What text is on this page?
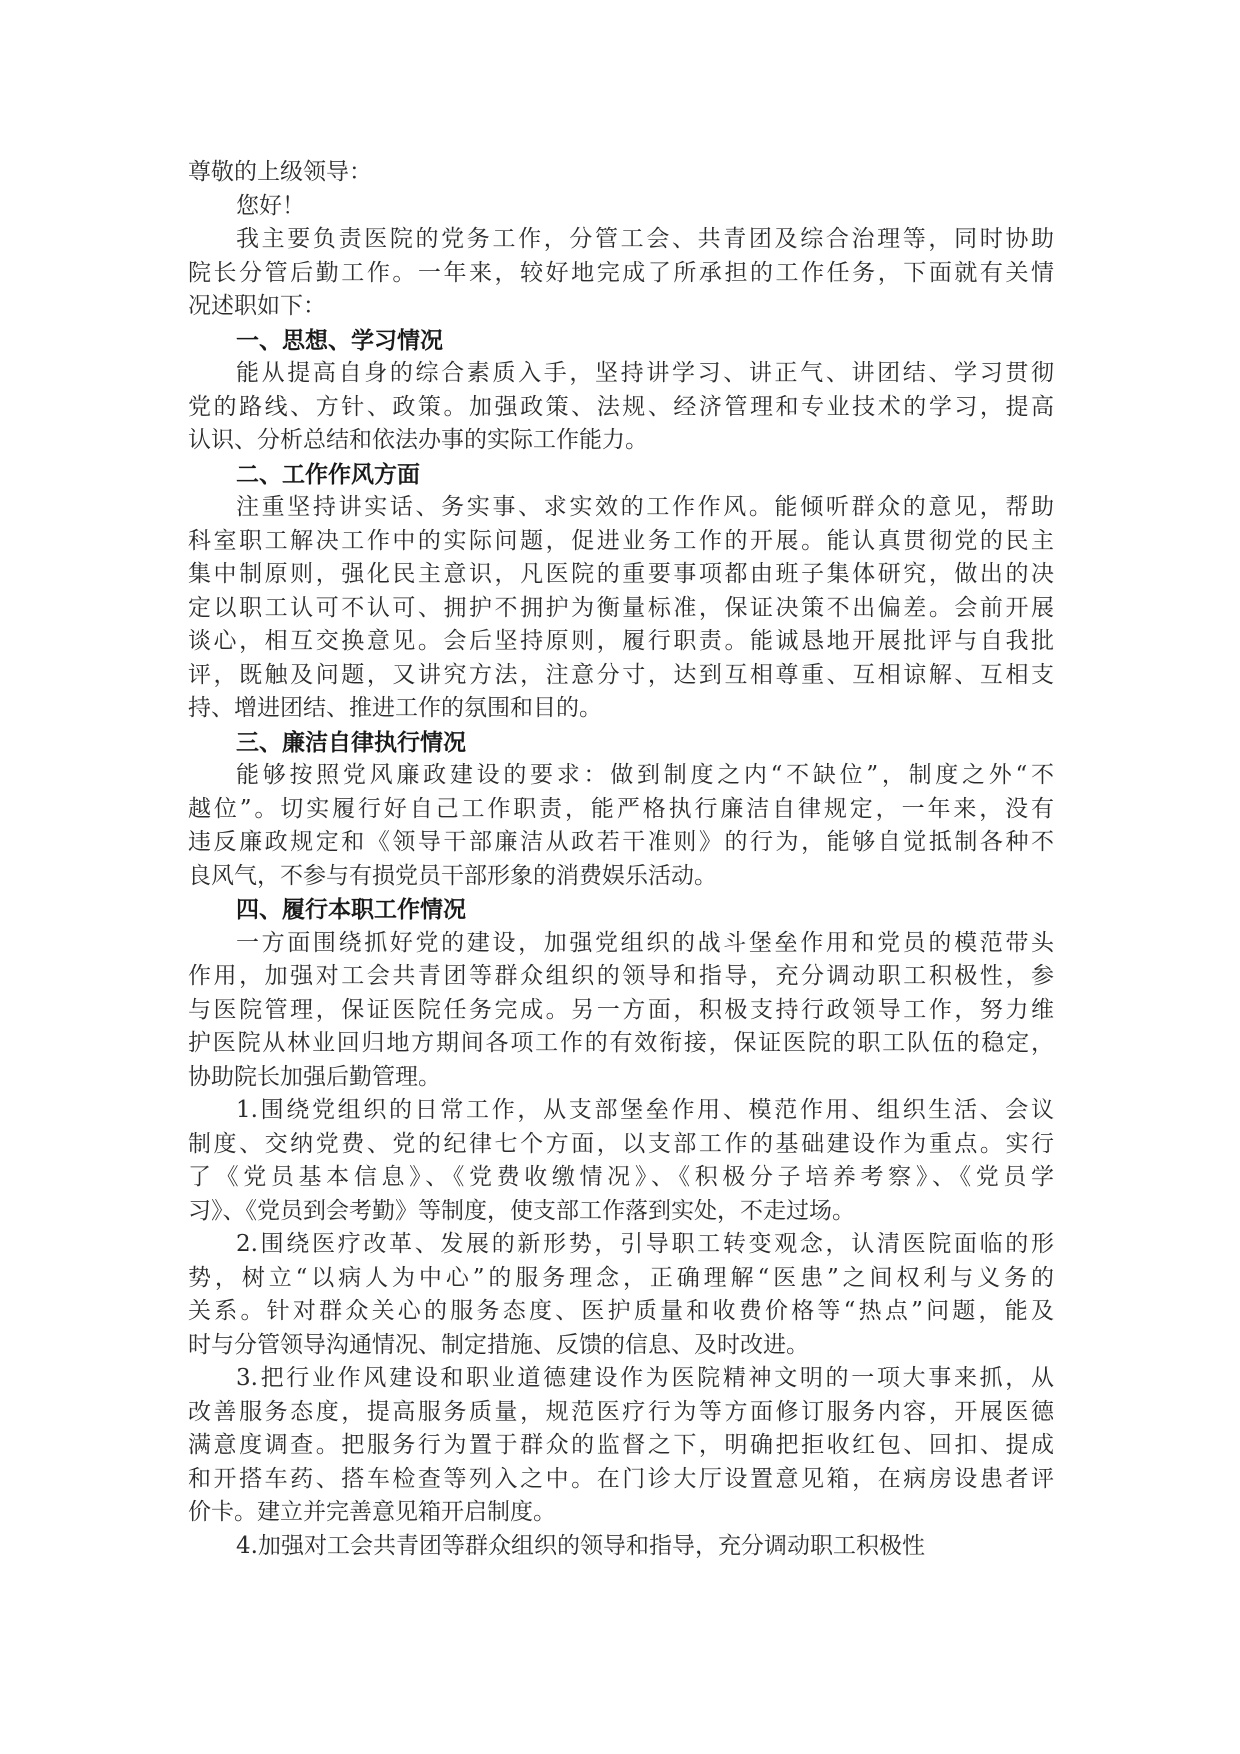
尊敬的上级领导：
您好！
我主要负责医院的党务工作，分管工会、共青团及综合治理等，同时协助
院长分管后勤工作。一年来，较好地完成了所承担的工作任务，下面就有关情
况述职如下：
一、思想、学习情况
能从提高自身的综合素质入手，坚持讲学习、讲正气、讲团结、学习贯彻
党的路线、方针、政策。加强政策、法规、经济管理和专业技术的学习，提高
认识、分析总结和依法办事的实际工作能力。
二、工作作风方面
注重坚持讲实话、务实事、求实效的工作作风。能倾听群众的意见，帮助
科室职工解决工作中的实际问题，促进业务工作的开展。能认真贯彻党的民主
集中制原则，强化民主意识，凡医院的重要事项都由班子集体研究，做出的决
定以职工认可不认可、拥护不拥护为衡量标准，保证决策不出偏差。会前开展
谈心，相互交换意见。会后坚持原则，履行职责。能诚恳地开展批评与自我批
评，既触及问题，又讲究方法，注意分寸，达到互相尊重、互相谅解、互相支
持、增进团结、推进工作的氛围和目的。
三、廉洁自律执行情况
能够按照党风廉政建设的要求：做到制度之内“不缺位”，制度之外“不
越位”。切实履行好自己工作职责，能严格执行廉洁自律规定，一年来，没有
违反廉政规定和《领导干部廉洁从政若干准则》的行为，能够自觉抵制各种不
良风气，不参与有损党员干部形象的消费娱乐活动。
四、履行本职工作情况
一方面围绕抓好党的建设，加强党组织的战斗堡垒作用和党员的模范带头
作用，加强对工会共青团等群众组织的领导和指导，充分调动职工积极性，参
与医院管理，保证医院任务完成。另一方面，积极支持行政领导工作，努力维
护医院从林业回归地方期间各项工作的有效衔接，保证医院的职工队伍的稳定，
协助院长加强后勤管理。
1.围绕党组织的日常工作，从支部堡垒作用、模范作用、组织生活、会议
制度、交纳党费、党的纪律七个方面，以支部工作的基础建设作为重点。实行
了《党员基本信息》、《党费收缴情况》、《积极分子培养考察》、《党员学
习》、《党员到会考勤》等制度，使支部工作落到实处，不走过场。
2.围绕医疗改革、发展的新形势，引导职工转变观念，认清医院面临的形
势，树立“以病人为中心”的服务理念，正确理解“医患”之间权利与义务的
关系。针对群众关心的服务态度、医护质量和收费价格等“热点”问题，能及
时与分管领导沟通情况、制定措施、反馈的信息、及时改进。
3.把行业作风建设和职业道德建设作为医院精神文明的一项大事来抓，从
改善服务态度，提高服务质量，规范医疗行为等方面修订服务内容，开展医德
满意度调查。把服务行为置于群众的监督之下，明确把拒收红包、回扣、提成
和开搭车药、搭车检查等列入之中。在门诊大厅设置意见箱，在病房设患者评
价卡。建立并完善意见箱开启制度。
4.加强对工会共青团等群众组织的领导和指导，充分调动职工积极性
